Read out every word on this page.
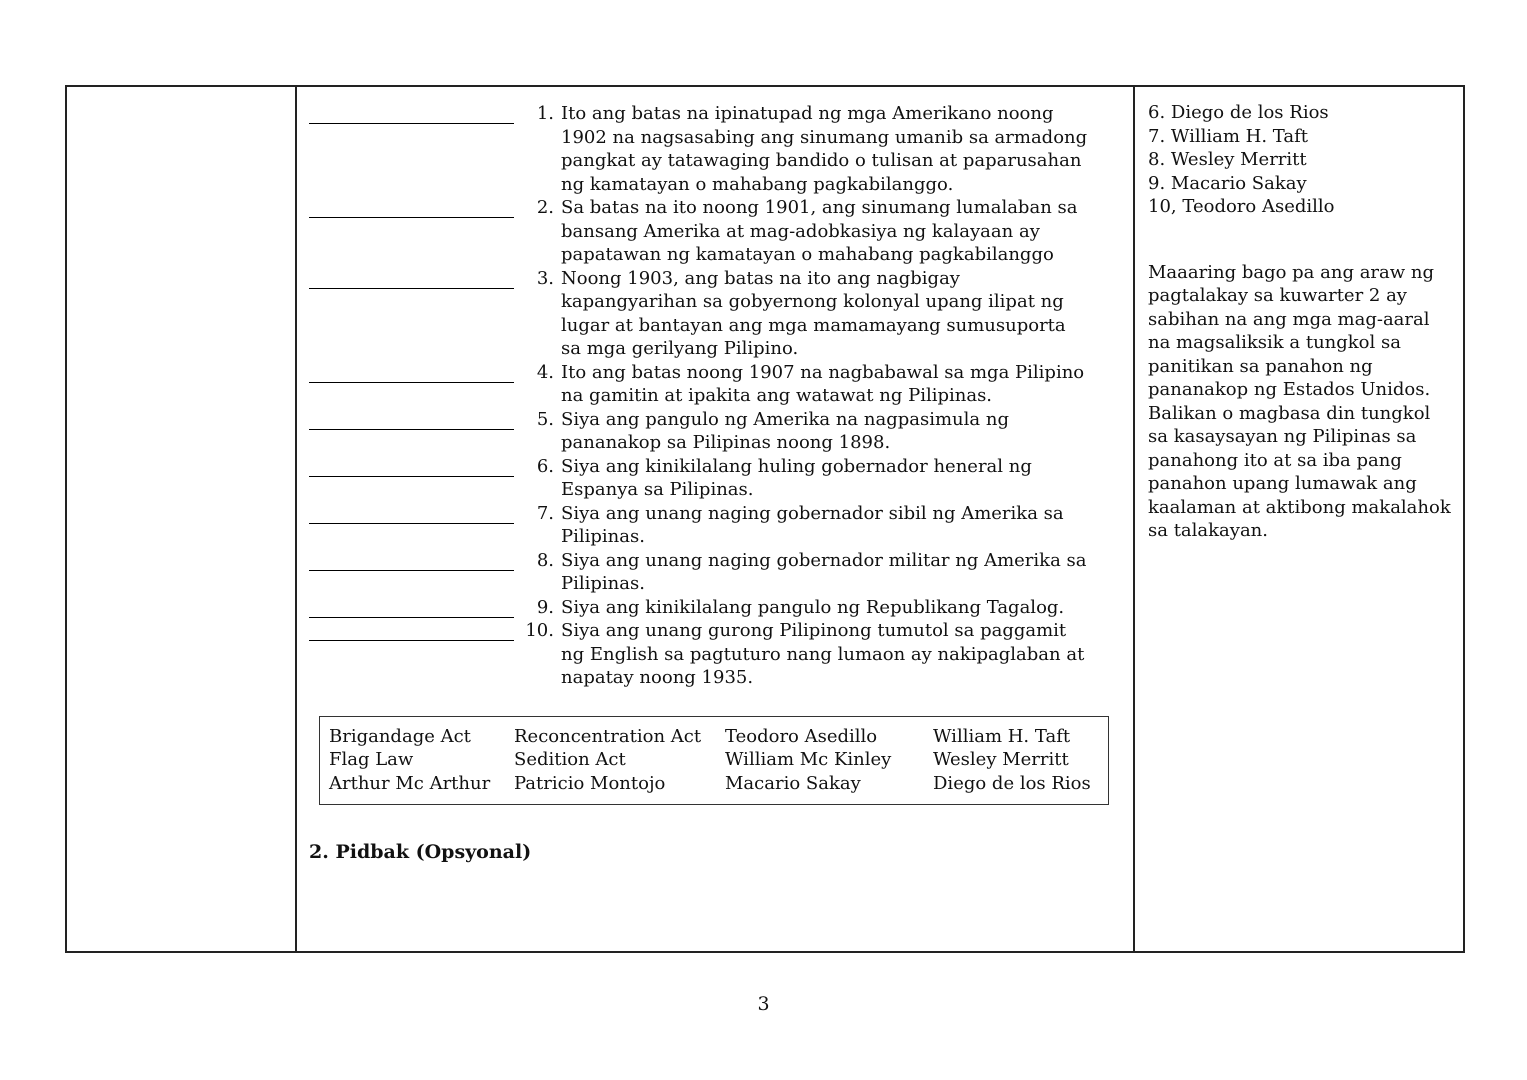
1. Ito ang batas na ipinatupad ng mga Amerikano noong 1902 na nagsasabing ang sinumang umanib sa armadong pangkat ay tatawaging bandido o tulisan at paparusahan ng kamatayan o mahabang pagkabilanggo.
2. Sa batas na ito noong 1901, ang sinumang lumalaban sa bansang Amerika at mag-adobkasiya ng kalayaan ay papatawan ng kamatayan o mahabang pagkabilanggo
3. Noong 1903, ang batas na ito ang nagbigay kapangyarihan sa gobyernong kolonyal upang ilipat ng lugar at bantayan ang mga mamamayang sumusuporta sa mga gerilyang Pilipino.
4. Ito ang batas noong 1907 na nagbabawal sa mga Pilipino na gamitin at ipakita ang watawat ng Pilipinas.
5. Siya ang pangulo ng Amerika na nagpasimula ng pananakop sa Pilipinas noong 1898.
6. Siya ang kinikilalang huling gobernador heneral ng Espanya sa Pilipinas.
7. Siya ang unang naging gobernador sibil ng Amerika sa Pilipinas.
8. Siya ang unang naging gobernador militar ng Amerika sa Pilipinas.
9. Siya ang kinikilalang pangulo ng Republikang Tagalog.
10. Siya ang unang gurong Pilipinong tumutol sa paggamit ng English sa pagtuturo nang lumaon ay nakipaglaban at napatay noong 1935.
Brigandage Act	Reconcentration Act	Teodoro Asedillo	William H. Taft
Flag Law	Sedition Act	William Mc Kinley	Wesley Merritt
Arthur Mc Arthur	Patricio Montojo	Macario Sakay	Diego de los Rios
2. Pidbak (Opsyonal)
6. Diego de los Rios
7. William H. Taft
8. Wesley Merritt
9. Macario Sakay
10, Teodoro Asedillo

Maaaring bago pa ang araw ng pagtalakay sa kuwarter 2 ay sabihan na ang mga mag-aaral na magsaliksik a tungkol sa panitikan sa panahon ng pananakop ng Estados Unidos. Balikan o magbasa din tungkol sa kasaysayan ng Pilipinas sa panahong ito at sa iba pang panahon upang lumawak ang kaalaman at aktibong makalahok sa talakayan.

3
